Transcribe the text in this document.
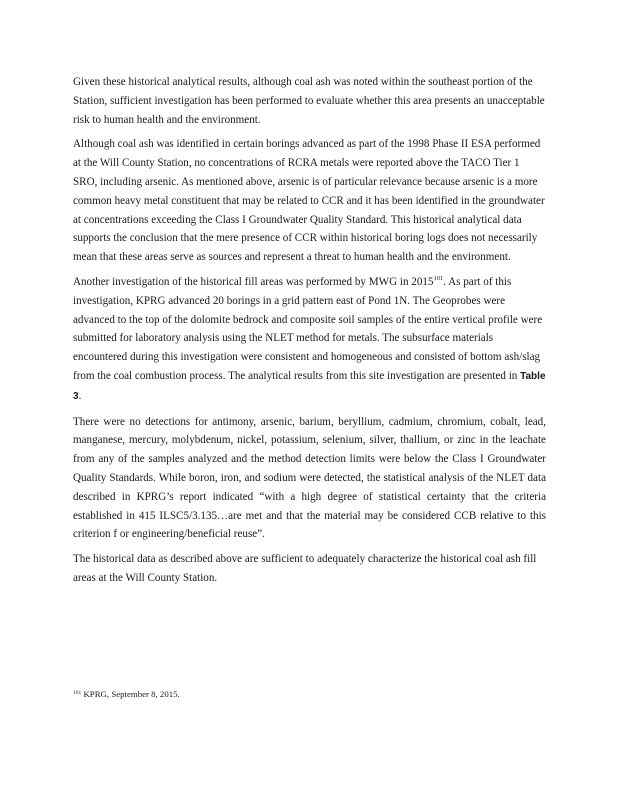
Given these historical analytical results, although coal ash was noted within the southeast portion of the Station, sufficient investigation has been performed to evaluate whether this area presents an unacceptable risk to human health and the environment.

Although coal ash was identified in certain borings advanced as part of the 1998 Phase II ESA performed at the Will County Station, no concentrations of RCRA metals were reported above the TACO Tier 1 SRO, including arsenic. As mentioned above, arsenic is of particular relevance because arsenic is a more common heavy metal constituent that may be related to CCR and it has been identified in the groundwater at concentrations exceeding the Class I Groundwater Quality Standard. This historical analytical data supports the conclusion that the mere presence of CCR within historical boring logs does not necessarily mean that these areas serve as sources and represent a threat to human health and the environment.

Another investigation of the historical fill areas was performed by MWG in 2015$^{101}$. As part of this investigation, KPRG advanced 20 borings in a grid pattern east of Pond 1N. The Geoprobes were advanced to the top of the dolomite bedrock and composite soil samples of the entire vertical profile were submitted for laboratory analysis using the NLET method for metals. The subsurface materials encountered during this investigation were consistent and homogeneous and consisted of bottom ash/slag from the coal combustion process. The analytical results from this site investigation are presented in Table 3.

There were no detections for antimony, arsenic, barium, beryllium, cadmium, chromium, cobalt, lead, manganese, mercury, molybdenum, nickel, potassium, selenium, silver, thallium, or zinc in the leachate from any of the samples analyzed and the method detection limits were below the Class I Groundwater Quality Standards. While boron, iron, and sodium were detected, the statistical analysis of the NLET data described in KPRG’s report indicated “with a high degree of statistical certainty that the criteria established in 415 ILSC5/3.135…are met and that the material may be considered CCB relative to this criterion f or engineering/beneficial reuse”.

The historical data as described above are sufficient to adequately characterize the historical coal ash fill areas at the Will County Station.

$^{101}$ KPRG, September 8, 2015.
